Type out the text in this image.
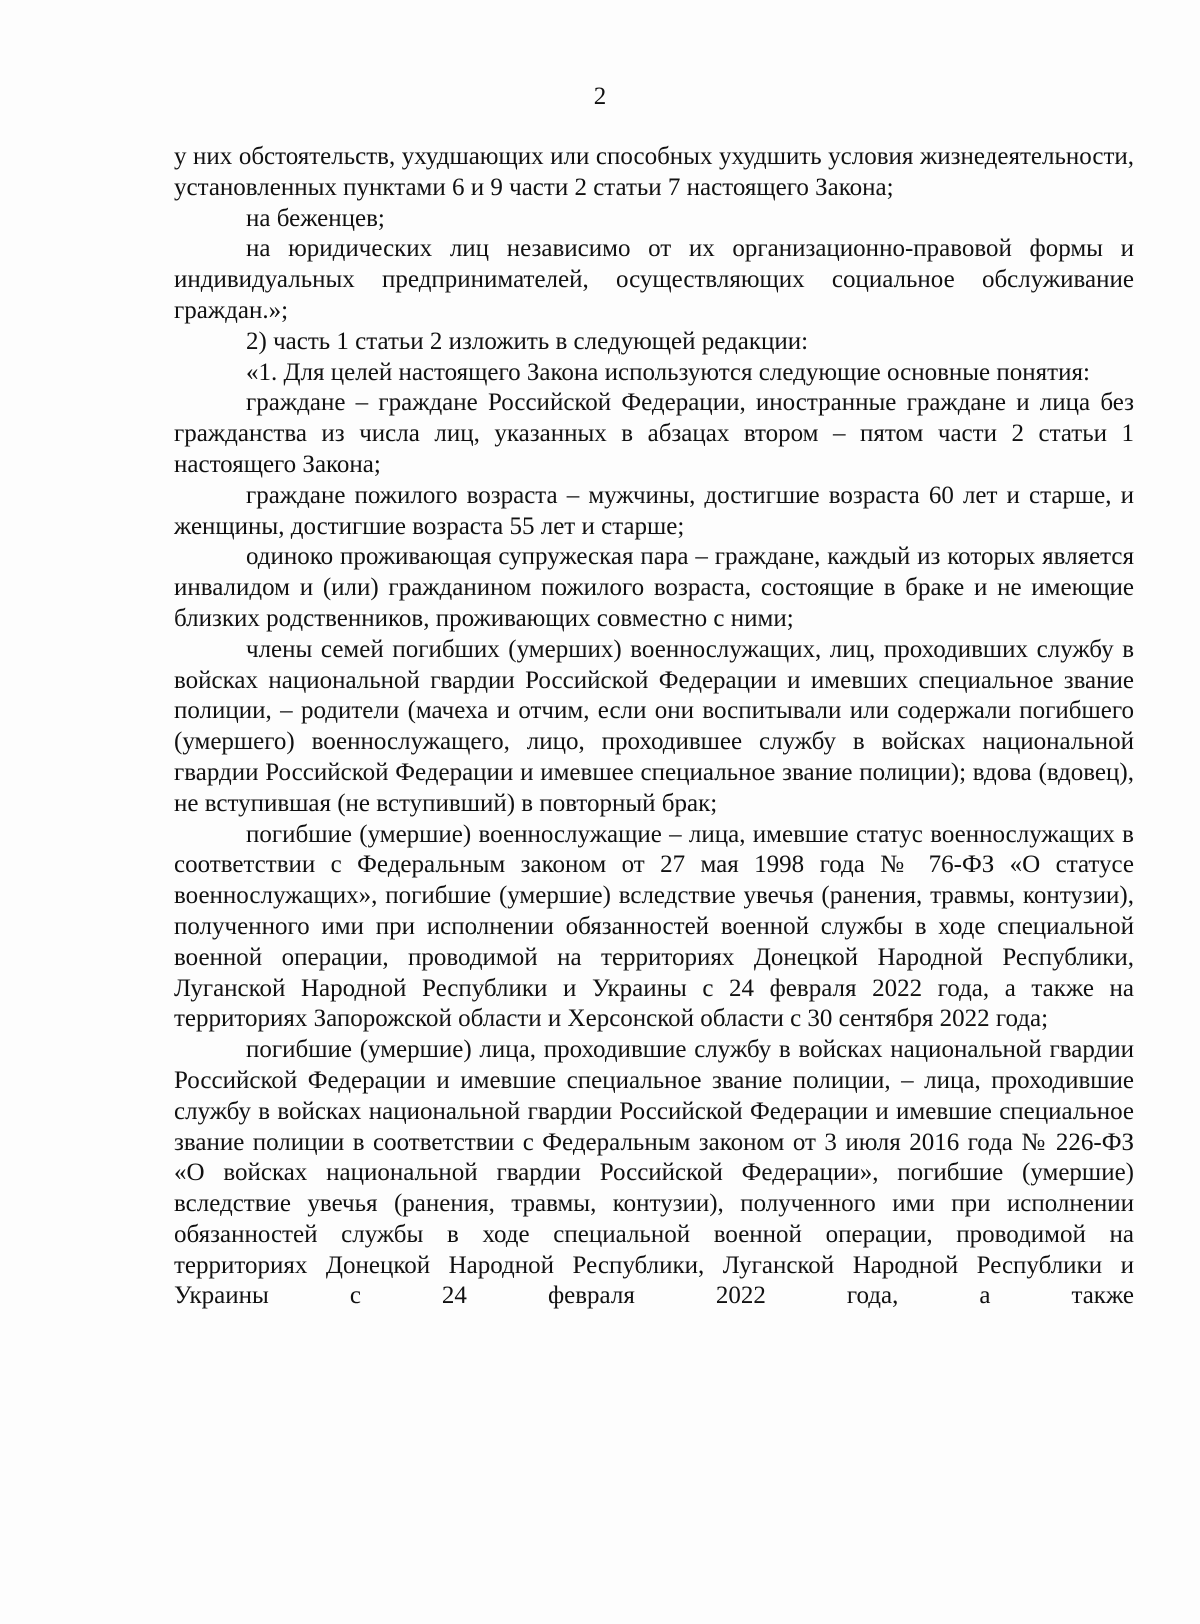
2

у них обстоятельств, ухудшающих или способных ухудшить условия жизнедеятельности, установленных пунктами 6 и 9 части 2 статьи 7 настоящего Закона;

на беженцев;

на юридических лиц независимо от их организационно-правовой формы и индивидуальных предпринимателей, осуществляющих социальное обслуживание граждан.»;

2) часть 1 статьи 2 изложить в следующей редакции:

«1. Для целей настоящего Закона используются следующие основные понятия:

граждане – граждане Российской Федерации, иностранные граждане и лица без гражданства из числа лиц, указанных в абзацах втором – пятом части 2 статьи 1 настоящего Закона;

граждане пожилого возраста – мужчины, достигшие возраста 60 лет и старше, и женщины, достигшие возраста 55 лет и старше;

одиноко проживающая супружеская пара – граждане, каждый из которых является инвалидом и (или) гражданином пожилого возраста, состоящие в браке и не имеющие близких родственников, проживающих совместно с ними;

члены семей погибших (умерших) военнослужащих, лиц, проходивших службу в войсках национальной гвардии Российской Федерации и имевших специальное звание полиции, – родители (мачеха и отчим, если они воспитывали или содержали погибшего (умершего) военнослужащего, лицо, проходившее службу в войсках национальной гвардии Российской Федерации и имевшее специальное звание полиции); вдова (вдовец), не вступившая (не вступивший) в повторный брак;

погибшие (умершие) военнослужащие – лица, имевшие статус военнослужащих в соответствии с Федеральным законом от 27 мая 1998 года № 76-ФЗ «О статусе военнослужащих», погибшие (умершие) вследствие увечья (ранения, травмы, контузии), полученного ими при исполнении обязанностей военной службы в ходе специальной военной операции, проводимой на территориях Донецкой Народной Республики, Луганской Народной Республики и Украины с 24 февраля 2022 года, а также на территориях Запорожской области и Херсонской области с 30 сентября 2022 года;

погибшие (умершие) лица, проходившие службу в войсках национальной гвардии Российской Федерации и имевшие специальное звание полиции, – лица, проходившие службу в войсках национальной гвардии Российской Федерации и имевшие специальное звание полиции в соответствии с Федеральным законом от 3 июля 2016 года № 226-ФЗ «О войсках национальной гвардии Российской Федерации», погибшие (умершие) вследствие увечья (ранения, травмы, контузии), полученного ими при исполнении обязанностей службы в ходе специальной военной операции, проводимой на территориях Донецкой Народной Республики, Луганской Народной Республики и Украины с 24 февраля 2022 года, а также
